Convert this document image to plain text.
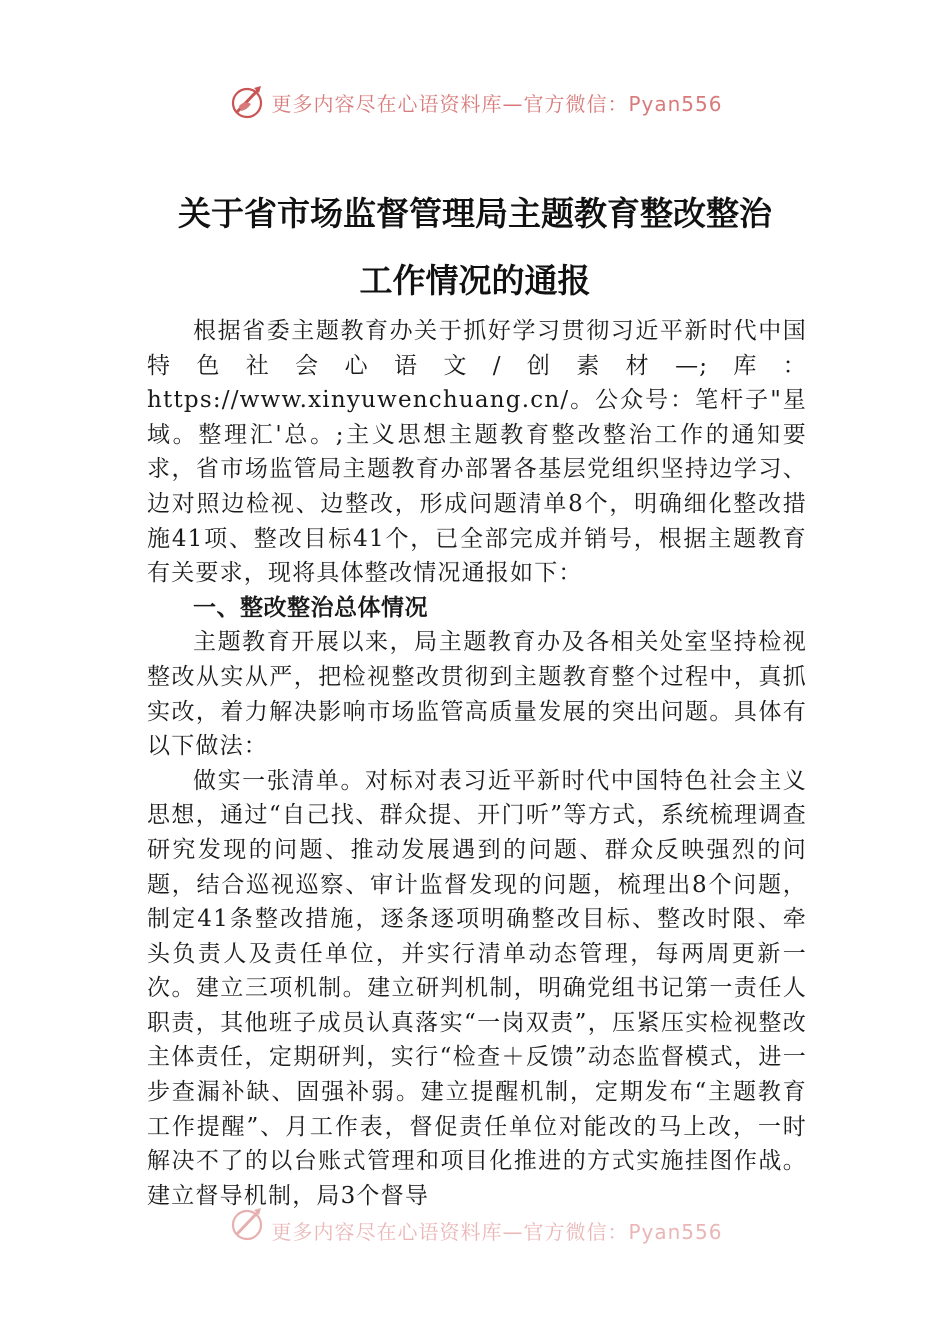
更多内容尽在心语资料库—官方微信：Pyan556
关于省市场监督管理局主题教育整改整治
工作情况的通报

根据省委主题教育办关于抓好学习贯彻习近平新时代中国特色社会心语文/创素材—;库：https://www.xinyuwenchuang.cn/。公众号：笔杆子"星域。整理汇'总。;主义思想主题教育整改整治工作的通知要求，省市场监管局主题教育办部署各基层党组织坚持边学习、边对照边检视、边整改，形成问题清单8个，明确细化整改措施41项、整改目标41个，已全部完成并销号，根据主题教育有关要求，现将具体整改情况通报如下：

一、整改整治总体情况

主题教育开展以来，局主题教育办及各相关处室坚持检视整改从实从严，把检视整改贯彻到主题教育整个过程中，真抓实改，着力解决影响市场监管高质量发展的突出问题。具体有以下做法：

做实一张清单。对标对表习近平新时代中国特色社会主义思想，通过“自己找、群众提、开门听”等方式，系统梳理调查研究发现的问题、推动发展遇到的问题、群众反映强烈的问题，结合巡视巡察、审计监督发现的问题，梳理出8个问题，制定41条整改措施，逐条逐项明确整改目标、整改时限、牵头负责人及责任单位，并实行清单动态管理，每两周更新一次。建立三项机制。建立研判机制，明确党组书记第一责任人职责，其他班子成员认真落实“一岗双责”，压紧压实检视整改主体责任，定期研判，实行“检查＋反馈”动态监督模式，进一步查漏补缺、固强补弱。建立提醒机制，定期发布“主题教育工作提醒”、月工作表，督促责任单位对能改的马上改，一时解决不了的以台账式管理和项目化推进的方式实施挂图作战。建立督导机制，局3个督导

更多内容尽在心语资料库—官方微信：Pyan556
